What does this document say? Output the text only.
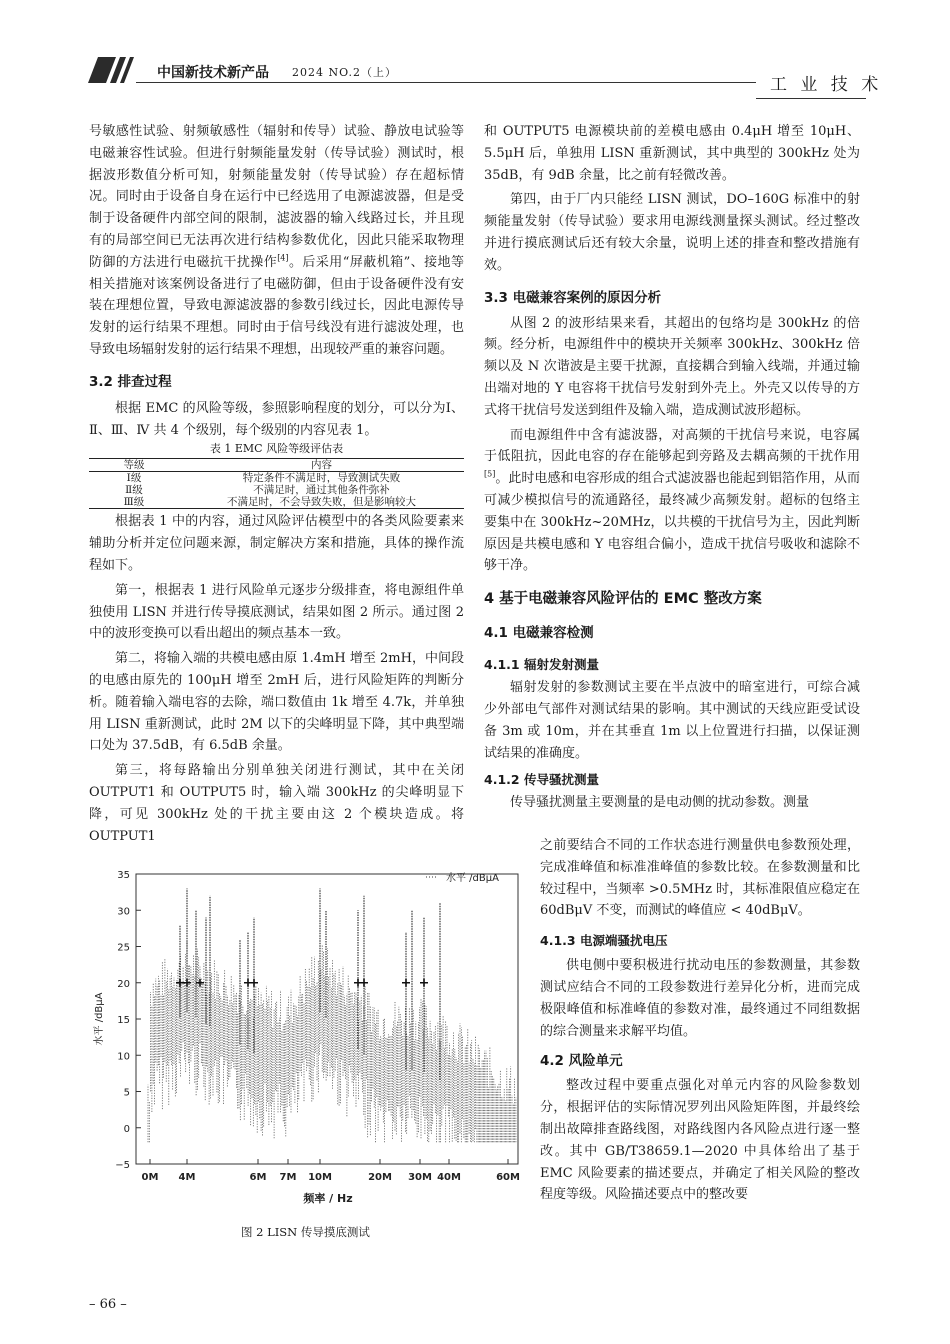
中国新技术新产品 2024 NO.2（上）
工 业 技 术

号敏感性试验、射频敏感性（辐射和传导）试验、静放电试验等电磁兼容性试验。但进行射频能量发射（传导试验）测试时，根据波形数值分析可知，射频能量发射（传导试验）存在超标情况。同时由于设备自身在运行中已经选用了电源滤波器，但是受制于设备硬件内部空间的限制，滤波器的输入线路过长，并且现有的局部空间已无法再次进行结构参数优化，因此只能采取物理防御的方法进行电磁抗干扰操作[4]。后采用“屏蔽机箱”、接地等相关措施对该案例设备进行了电磁防御，但由于设备硬件没有安装在理想位置，导致电源滤波器的参数引线过长，因此电源传导发射的运行结果不理想。同时由于信号线没有进行滤波处理，也导致电场辐射发射的运行结果不理想，出现较严重的兼容问题。

3.2 排查过程

根据 EMC 的风险等级，参照影响程度的划分，可以分为Ⅰ、Ⅱ、Ⅲ、Ⅳ 共 4 个级别，每个级别的内容见表 1。

表 1 EMC 风险等级评估表
等级	内容
Ⅰ级	特定条件不满足时，导致测试失败
Ⅱ级	不满足时，通过其他条件弥补
Ⅲ级	不满足时，不会导致失败，但是影响较大

根据表 1 中的内容，通过风险评估模型中的各类风险要素来辅助分析并定位问题来源，制定解决方案和措施，具体的操作流程如下。

第一，根据表 1 进行风险单元逐步分级排查，将电源组件单独使用 LISN 并进行传导摸底测试，结果如图 2 所示。通过图 2 中的波形变换可以看出超出的频点基本一致。

第二，将输入端的共模电感由原 1.4mH 增至 2mH，中间段的电感由原先的 100μH 增至 2mH 后，进行风险矩阵的判断分析。随着输入端电容的去除，端口数值由 1k 增至 4.7k，并单独用 LISN 重新测试，此时 2M 以下的尖峰明显下降，其中典型端口处为 37.5dB，有 6.5dB 余量。

第三，将每路输出分别单独关闭进行测试，其中在关闭 OUTPUT1 和 OUTPUT5 时，输入端 300kHz 的尖峰明显下降，可见 300kHz 处的干扰主要由这 2 个模块造成。将 OUTPUT1

35
30
25
20
15
10
5
0
−5
0M 4M	6M 7M 10M	20M 30M 40M	60M
频率 / Hz
水平 /dBμA
水平 /dBμA
图 2 LISN 传导摸底测试

和 OUTPUT5 电源模块前的差模电感由 0.4μH 增至 10μH、5.5μH 后，单独用 LISN 重新测试，其中典型的 300kHz 处为 35dB，有 9dB 余量，比之前有轻微改善。

第四，由于厂内只能经 LISN 测试，DO–160G 标准中的射频能量发射（传导试验）要求用电源线测量探头测试。经过整改并进行摸底测试后还有较大余量，说明上述的排查和整改措施有效。

3.3 电磁兼容案例的原因分析

从图 2 的波形结果来看，其超出的包络均是 300kHz 的倍频。经分析，电源组件中的模块开关频率 300kHz、300kHz 倍频以及 N 次谐波是主要干扰源，直接耦合到输入线端，并通过输出端对地的 Y 电容将干扰信号发射到外壳上。外壳又以传导的方式将干扰信号发送到组件及输入端，造成测试波形超标。

而电源组件中含有滤波器，对高频的干扰信号来说，电容属于低阻抗，因此电容的存在能够起到旁路及去耦高频的干扰作用[5]。此时电感和电容形成的组合式滤波器也能起到铝箔作用，从而可减少模拟信号的流通路径，最终减少高频发射。超标的包络主要集中在 300kHz~20MHz，以共模的干扰信号为主，因此判断原因是共模电感和 Y 电容组合偏小，造成干扰信号吸收和滤除不够干净。

4 基于电磁兼容风险评估的 EMC 整改方案

4.1 电磁兼容检测

4.1.1 辐射发射测量

辐射发射的参数测试主要在半点波中的暗室进行，可综合减少外部电气部件对测试结果的影响。其中测试的天线应距受试设备 3m 或 10m，并在其垂直 1m 以上位置进行扫描，以保证测试结果的准确度。

4.1.2 传导骚扰测量

传导骚扰测量主要测量的是电动侧的扰动参数。测量

之前要结合不同的工作状态进行测量供电参数预处理，完成准峰值和标准准峰值的参数比较。在参数测量和比较过程中，当频率 >0.5MHz 时，其标准限值应稳定在 60dBμV 不变，而测试的峰值应 < 40dBμV。

4.1.3 电源端骚扰电压

供电侧中要积极进行扰动电压的参数测量，其参数测试应结合不同的工段参数进行差异化分析，进而完成极限峰值和标准峰值的参数对准，最终通过不同组数据的综合测量来求解平均值。

4.2 风险单元

整改过程中要重点强化对单元内容的风险参数划分，根据评估的实际情况罗列出风险矩阵图，并最终绘制出故障排查路线图，对路线图内各风险点进行逐一整改。其中 GB/T38659.1—2020 中具体给出了基于 EMC 风险要素的描述要点，并确定了相关风险的整改程度等级。风险描述要点中的整改要

– 66 –
